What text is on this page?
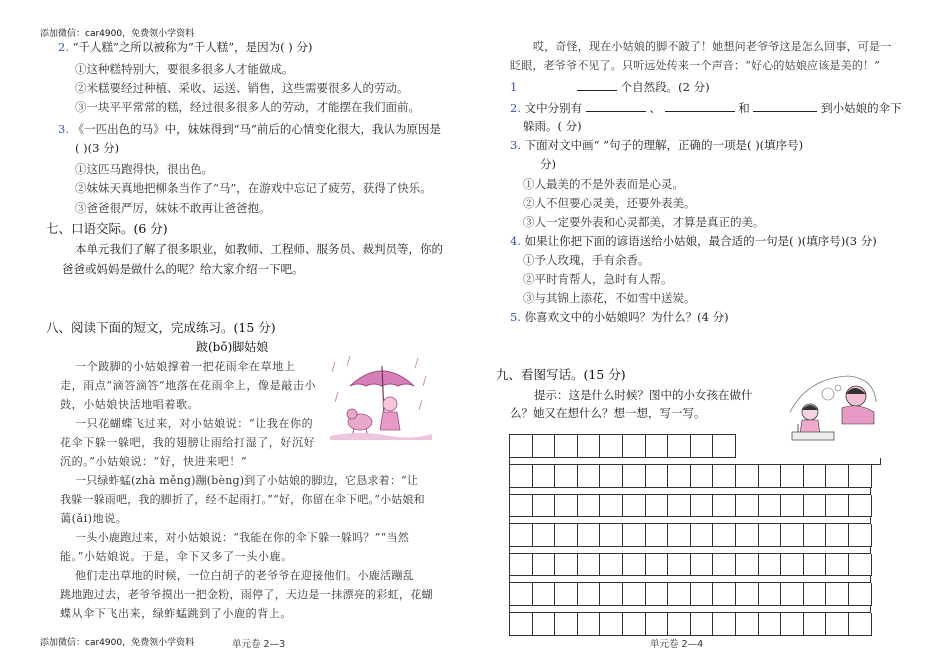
添加微信：car4900，免费领小学资料
2. “千人糕”之所以被称为“千人糕”，是因为( ) 分)
①这种糕特别大，要很多很多人才能做成。
②米糕要经过种植、采收、运送、销售，这些需要很多人的劳动。
③一块平平常常的糕，经过很多很多人的劳动，才能摆在我们面前。
3. 《一匹出色的马》中，妹妹得到“马”前后的心情变化很大，我认为原因是
( )(3 分)
①这匹马跑得快，很出色。
②妹妹天真地把柳条当作了“马”，在游戏中忘记了疲劳，获得了快乐。
③爸爸很严厉，妹妹不敢再让爸爸抱。
七、口语交际。(6 分)
本单元我们了解了很多职业，如教师、工程师、服务员、裁判员等，你的
爸爸或妈妈是做什么的呢？给大家介绍一下吧。
八、阅读下面的短文，完成练习。(15 分)
跛(bǒ)脚姑娘
一个跛脚的小姑娘撑着一把花雨伞在草地上
走，雨点“滴答滴答”地落在花雨伞上，像是敲击小
鼓，小姑娘快活地唱着歌。
一只花蝴蝶飞过来，对小姑娘说：“让我在你的
花伞下躲一躲吧，我的翅膀让雨给打湿了，好沉好
沉的。”小姑娘说：“好，快进来吧！”
一只绿蚱蜢(zhà měng)蹦(bèng)到了小姑娘的脚边，它恳求着：“让
我躲一躲雨吧，我的脚折了，经不起雨打。”“好，你留在伞下吧。”小姑娘和
蔼(ǎi)地说。
一头小鹿跑过来，对小姑娘说：“我能在你的伞下躲一躲吗？”“当然
能。”小姑娘说。于是，伞下又多了一头小鹿。
他们走出草地的时候，一位白胡子的老爷爷在迎接他们。小鹿活蹦乱
跳地跑过去，老爷爷摸出一把金粉，雨停了，天边是一抹漂亮的彩虹，花蝴
蝶从伞下飞出来，绿蚱蜢跳到了小鹿的背上。
添加微信：car4900，免费领小学资料	单元卷 2—3
哎，奇怪，现在小姑娘的脚不跛了！她想问老爷爷这是怎么回事，可是一
眨眼，老爷爷不见了。只听远处传来一个声音：“好心的姑娘应该是美的！”
1	个自然段。(2 分)
2. 文中分别有	、	和	到小姑娘的伞下
躲雨。( 分)
3. 下面对文中画“ ”句子的理解，正确的一项是( )(填序号)
分)
①人最美的不是外表而是心灵。
②人不但要心灵美，还要外表美。
③人一定要外表和心灵都美，才算是真正的美。
4. 如果让你把下面的谚语送给小姑娘，最合适的一句是( )(填序号)(3 分)
①予人玫瑰，手有余香。
②平时肯帮人，急时有人帮。
③与其锦上添花，不如雪中送炭。
5. 你喜欢文中的小姑娘吗？为什么？(4 分)
九、看图写话。(15 分)
提示：这是什么时候？图中的小女孩在做什
么？她又在想什么？想一想，写一写。
单元卷 2—4
